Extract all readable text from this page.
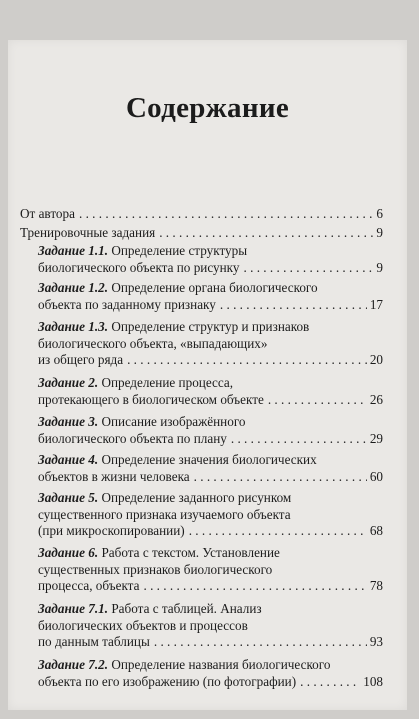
Содержание
От автора . . .	6
Тренировочные задания . . .	9
Задание 1.1. Определение структуры
биологического объекта по рисунку . . .	9
Задание 1.2. Определение органа биологического
объекта по заданному признаку . . .	17
Задание 1.3. Определение структур и признаков
биологического объекта, «выпадающих»
из общего ряда . . .	20
Задание 2. Определение процесса,
протекающего в биологическом объекте . . .	26
Задание 3. Описание изображённого
биологического объекта по плану . . .	29
Задание 4. Определение значения биологических
объектов в жизни человека . . .	60
Задание 5. Определение заданного рисунком
существенного признака изучаемого объекта
(при микроскопировании) . . .	68
Задание 6. Работа с текстом. Установление
существенных признаков биологического
процесса, объекта . . .	78
Задание 7.1. Работа с таблицей. Анализ
биологических объектов и процессов
по данным таблицы . . .	93
Задание 7.2. Определение названия биологического
объекта по его изображению (по фотографии) . . .	108
